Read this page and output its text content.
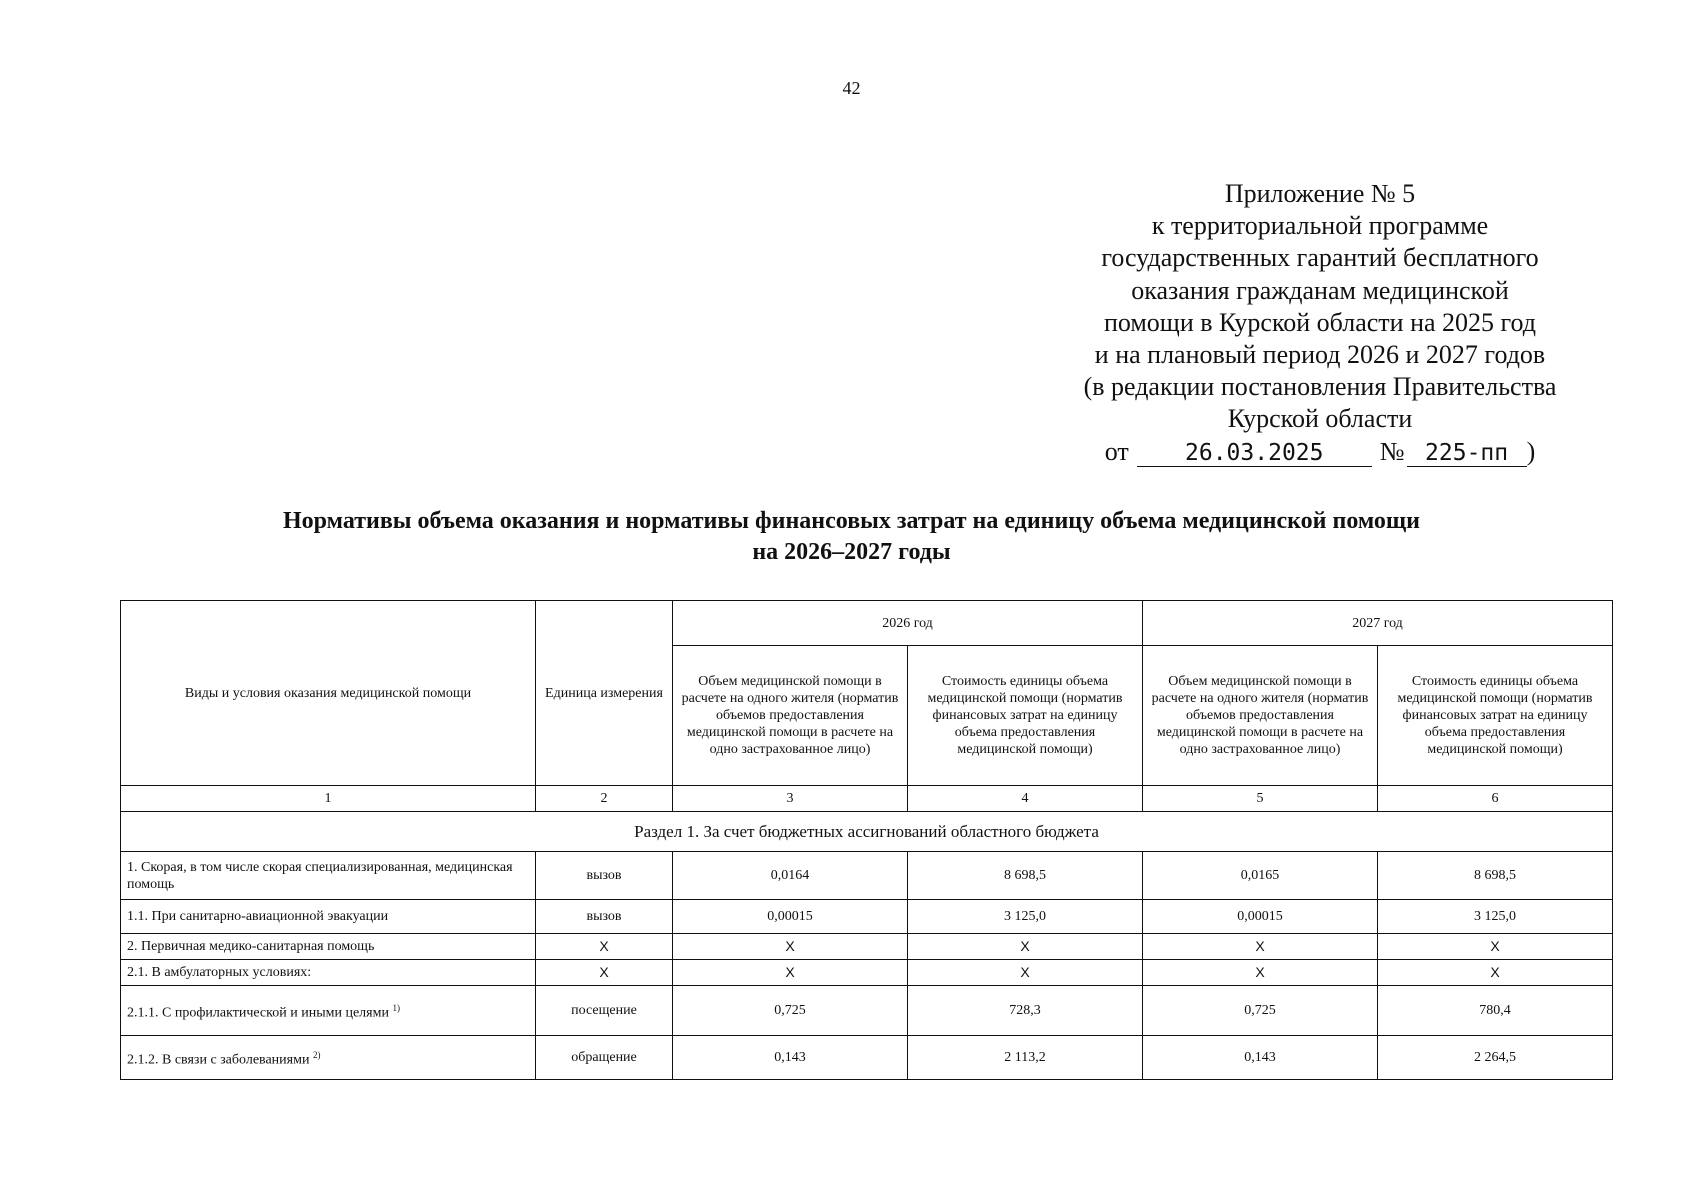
42
Приложение № 5
к территориальной программе
государственных гарантий бесплатного
оказания гражданам медицинской
помощи в Курской области на 2025 год
и на плановый период 2026 и 2027 годов
(в редакции постановления Правительства
Курской области
от 26.03.2025 № 225-пп )
Нормативы объема оказания и нормативы финансовых затрат на единицу объема медицинской помощи
на 2026–2027 годы
Виды и условия оказания медицинской помощи	Единица измерения	2026 год		2027 год	
		Объем медицинской помощи в расчете на одного жителя (норматив объемов предоставления медицинской помощи в расчете на одно застрахованное лицо)	Стоимость единицы объема медицинской помощи (норматив финансовых затрат на единицу объема предоставления медицинской помощи)	Объем медицинской помощи в расчете на одного жителя (норматив объемов предоставления медицинской помощи в расчете на одно застрахованное лицо)	Стоимость единицы объема медицинской помощи (норматив финансовых затрат на единицу объема предоставления медицинской помощи)
1	2	3	4	5	6
Раздел 1. За счет бюджетных ассигнований областного бюджета					
1. Скорая, в том числе скорая специализированная, медицинская помощь	вызов	0,0164	8 698,5	0,0165	8 698,5
1.1. При санитарно-авиационной эвакуации	вызов	0,00015	3 125,0	0,00015	3 125,0
2. Первичная медико-санитарная помощь	Х	Х	Х	Х	Х
2.1. В амбулаторных условиях:	Х	Х	Х	Х	Х
2.1.1. С профилактической и иными целями $^{1)}$	посещение	0,725	728,3	0,725	780,4
2.1.2. В связи с заболеваниями $^{2)}$	обращение	0,143	2 113,2	0,143	2 264,5
